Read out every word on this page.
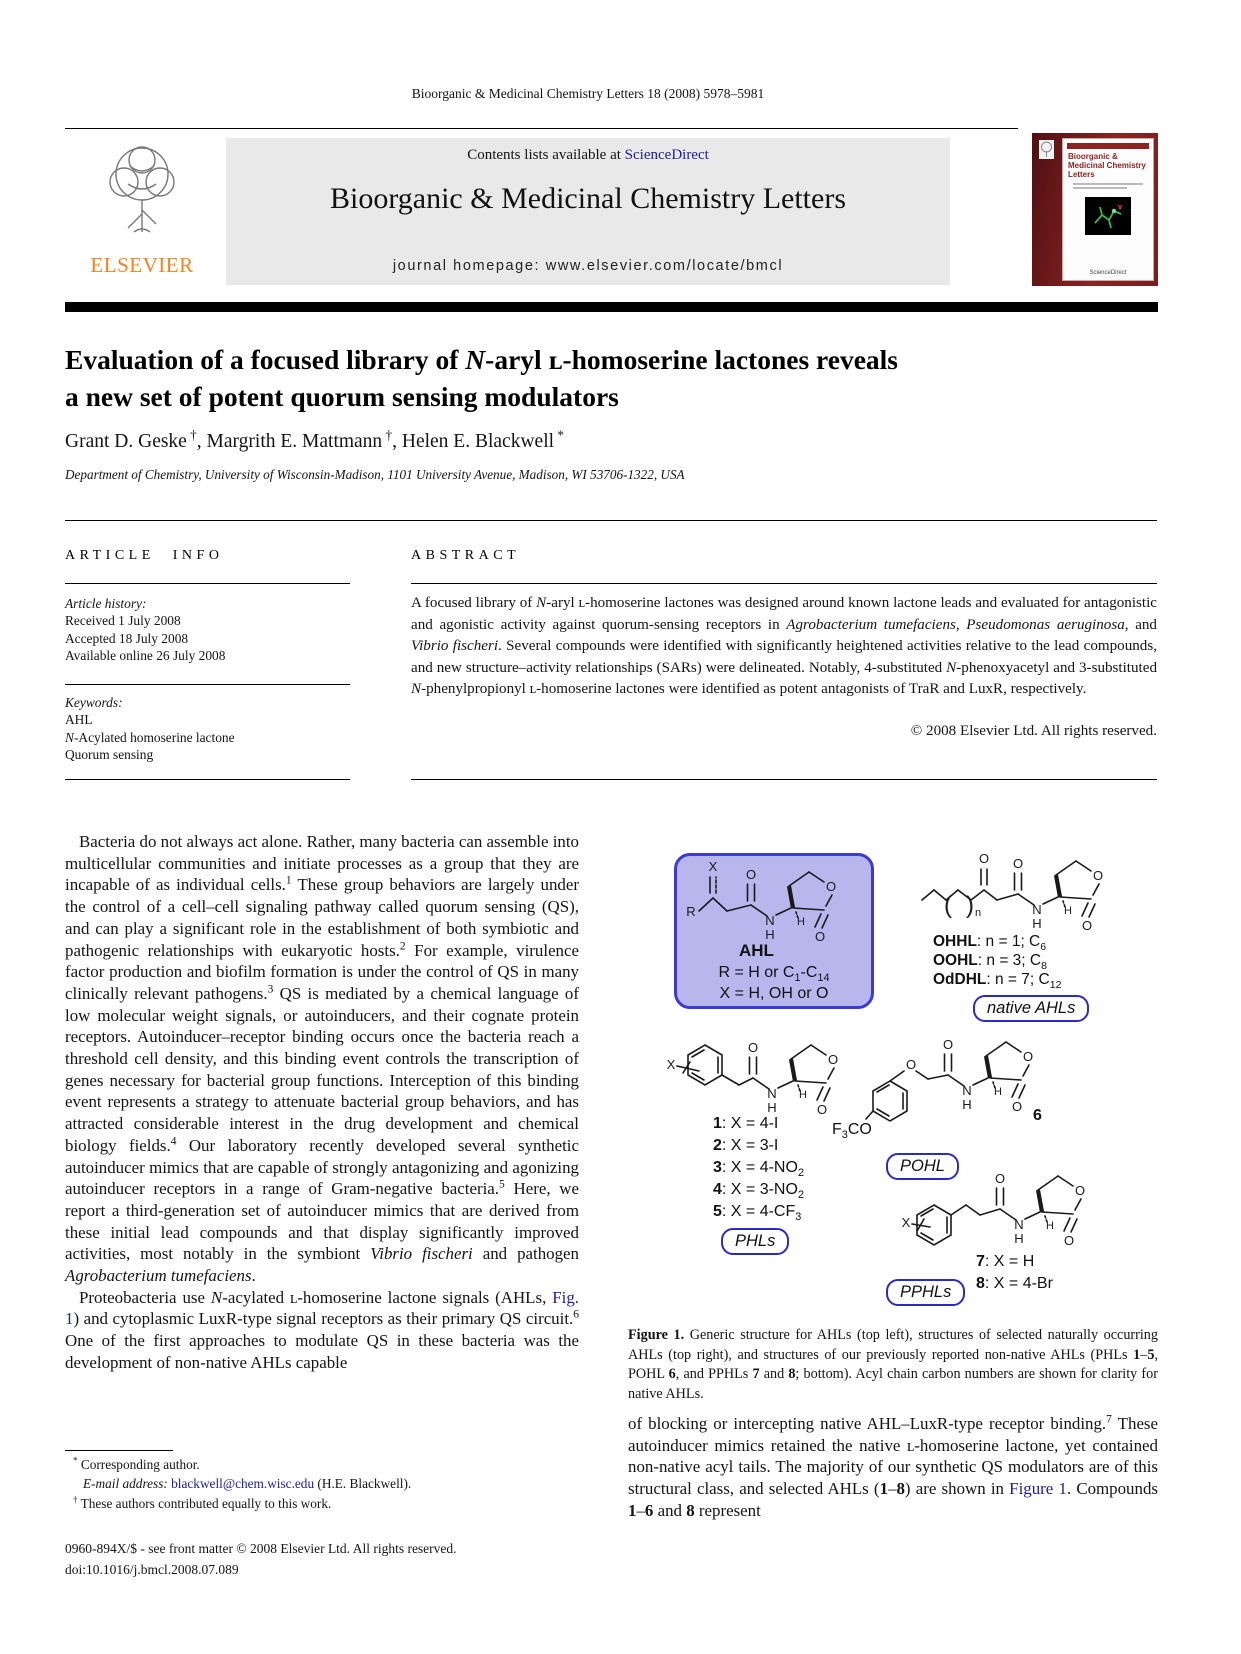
Bioorganic & Medicinal Chemistry Letters 18 (2008) 5978–5981
ELSEVIER
Contents lists available at ScienceDirect
Bioorganic & Medicinal Chemistry Letters
journal homepage: www.elsevier.com/locate/bmcl
Bioorganic & Medicinal Chemistry Letters
ScienceDirect
Evaluation of a focused library of N-aryl ʟ-homoserine lactones reveals
a new set of potent quorum sensing modulators
Grant D. Geske †, Margrith E. Mattmann †, Helen E. Blackwell *
Department of Chemistry, University of Wisconsin-Madison, 1101 University Avenue, Madison, WI 53706-1322, USA
ARTICLE INFO
Article history:
Received 1 July 2008
Accepted 18 July 2008
Available online 26 July 2008
Keywords:
AHL
N-Acylated homoserine lactone
Quorum sensing
ABSTRACT
A focused library of N-aryl ʟ-homoserine lactones was designed around known lactone leads and evaluated for antagonistic and agonistic activity against quorum-sensing receptors in Agrobacterium tumefaciens, Pseudomonas aeruginosa, and Vibrio fischeri. Several compounds were identified with significantly heightened activities relative to the lead compounds, and new structure–activity relationships (SARs) were delineated. Notably, 4-substituted N-phenoxyacetyl and 3-substituted N-phenylpropionyl ʟ-homoserine lactones were identified as potent antagonists of TraR and LuxR, respectively.
© 2008 Elsevier Ltd. All rights reserved.

Bacteria do not always act alone. Rather, many bacteria can assemble into multicellular communities and initiate processes as a group that they are incapable of as individual cells.$^1$ These group behaviors are largely under the control of a cell–cell signaling pathway called quorum sensing (QS), and can play a significant role in the establishment of both symbiotic and pathogenic relationships with eukaryotic hosts.$^2$ For example, virulence factor production and biofilm formation is under the control of QS in many clinically relevant pathogens.$^3$ QS is mediated by a chemical language of low molecular weight signals, or autoinducers, and their cognate protein receptors. Autoinducer–receptor binding occurs once the bacteria reach a threshold cell density, and this binding event controls the transcription of genes necessary for bacterial group functions. Interception of this binding event represents a strategy to attenuate bacterial group behaviors, and has attracted considerable interest in the drug development and chemical biology fields.$^4$ Our laboratory recently developed several synthetic autoinducer mimics that are capable of strongly antagonizing and agonizing autoinducer receptors in a range of Gram-negative bacteria.$^5$ Here, we report a third-generation set of autoinducer mimics that are derived from these initial lead compounds and that display significantly improved activities, most notably in the symbiont Vibrio fischeri and pathogen Agrobacterium tumefaciens.

Proteobacteria use N-acylated ʟ-homoserine lactone signals (AHLs, Fig. 1) and cytoplasmic LuxR-type signal receptors as their primary QS circuit.$^6$ One of the first approaches to modulate QS in these bacteria was the development of non-native AHLs capable

R
X
AHL
R = H or $C_1-C_{14}$
X = H, OH or O
( ) n
O
OHHL: n = 1; $C_6$
OOHL: n = 3; $C_8$
OdDHL: n = 7; $C_{12}$
native AHLs
X
1: X = 4-I
2: X = 3-I
3: $X = 4-NO_2$
4: $X = 3-NO_2$
5: $X = 4-CF_3$
PHLs
O
$F_3CO$
6
POHL
X
7: X = H
8: X = 4-Br
PPHLs
Figure 1. Generic structure for AHLs (top left), structures of selected naturally occurring AHLs (top right), and structures of our previously reported non-native AHLs (PHLs 1–5, POHL 6, and PPHLs 7 and 8; bottom). Acyl chain carbon numbers are shown for clarity for native AHLs.

of blocking or intercepting native AHL–LuxR-type receptor binding.$^7$ These autoinducer mimics retained the native ʟ-homoserine lactone, yet contained non-native acyl tails. The majority of our synthetic QS modulators are of this structural class, and selected AHLs (1–8) are shown in Figure 1. Compounds 1–6 and 8 represent

* Corresponding author.
E-mail address: blackwell@chem.wisc.edu (H.E. Blackwell).
† These authors contributed equally to this work.
0960-894X/$ - see front matter © 2008 Elsevier Ltd. All rights reserved.
doi:10.1016/j.bmcl.2008.07.089
